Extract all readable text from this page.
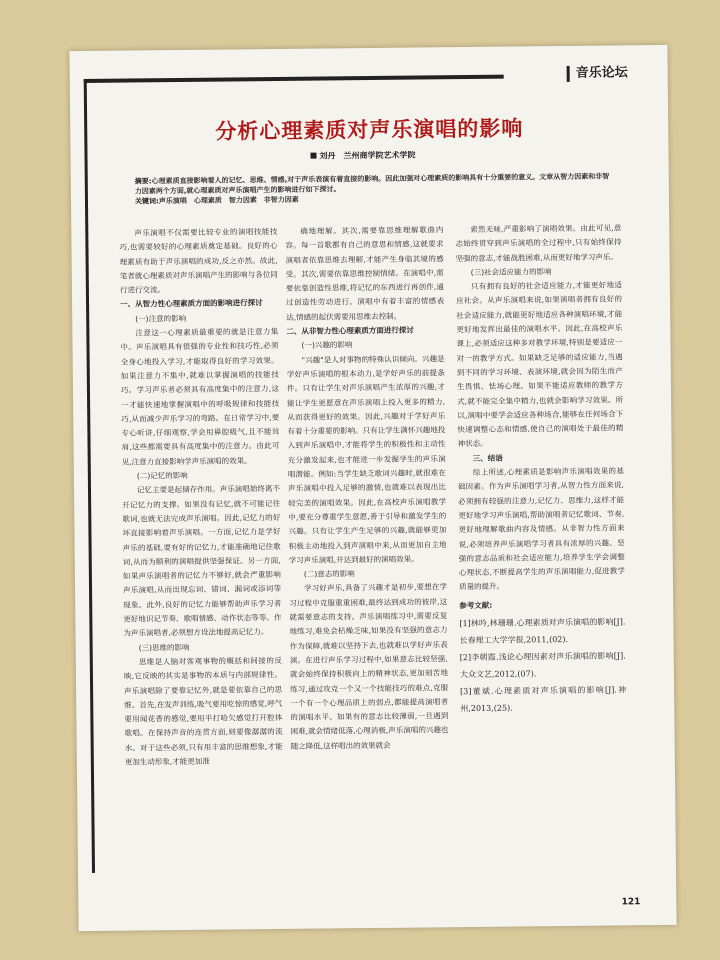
音乐论坛
分析心理素质对声乐演唱的影响
刘丹　兰州商学院艺术学院
摘要:心理素质直接影响着人的记忆、思维、情感,对于声乐表演有着直接的影响。因此加强对心理素质的影响具有十分重要的意义。文章从智力因素和非智力因素两个方面,就心理素质对声乐演唱产生的影响进行如下探讨。
关键词:声乐演唱　心理素质　智力因素　非智力因素

声乐演唱不仅需要比较专业的演唱技能技巧,也需要较好的心理素质奠定基础。良好的心理素质有助于声乐演唱的成功,反之亦然。故此,笔者就心理素质对声乐演唱产生的影响与各位同行进行交流。

一、从智力性心理素质方面的影响进行探讨

(一)注意的影响

注意这一心理素质最重要的就是注意力集中。声乐演唱具有很强的专业性和技巧性,必须全身心地投入学习,才能取得良好的学习效果。如果注意力不集中,就难以掌握演唱的技能技巧。学习声乐者必须具有高度集中的注意力,这一才能快速地掌握演唱中的呼吸规律和技能技巧,从而减少声乐学习的弯路。在日常学习中,要专心听讲,仔细观察,学会用鼻腔吸气,且不能耸肩,这些都需要具有高度集中的注意力。由此可见,注意力直接影响学声乐演唱的效果。

(二)记忆的影响

记忆主要是起储存作用。声乐演唱始终离不开记忆力的支撑。如果没有记忆,就不可能记住歌词,也就无法完成声乐演唱。因此,记忆力的好坏直接影响着声乐演唱。一方面,记忆力是学好声乐的基础,要有好的记忆力,才能准确地记住歌词,从而为顺利的演唱提供坚强保证。另一方面,如果声乐演唱者的记忆力不够好,就会严重影响声乐演唱,从而出现忘词、错词、漏词或添词等现象。此外,良好的记忆力能够帮助声乐学习者更好地识记节奏、歌唱情感、动作状态等等。作为声乐演唱者,必须想方设法地提高记忆力。

(三)思维的影响

思维是人脑对客观事物的概括和间接的反映,它反映的其实是事物的本质与内部规律性。声乐演唱除了要靠记忆外,就是要依靠自己的思维。首先,在发声训练,吸气要用吃惊的感觉,呼气要用闻花香的感觉,要用半打哈欠感觉打开腔体歌唱。在保持声音的连贯方面,则要像潺潺的流水。对于这些必须,只有用丰富的思维想象,才能更加生动形象,才能更加准

确地理解。其次,需要靠思维理解歌曲内容。每一首歌都有自己的意思和情感,这就要求演唱者依靠思维去理解,才能产生身临其境的感受。其次,需要依靠思维控制情绪。在演唱中,需要依靠创造性思维,将记忆的东西进行再创作,通过创造性劳动进行。演唱中有着丰富的情感表达,情感的起伏需要用思维去控制。

二、从非智力性心理素质方面进行探讨

(一)兴趣的影响

"兴趣"是人对事物的特殊认识倾向。兴趣是学好声乐演唱的根本动力,是学好声乐的前提条件。只有让学生对声乐演唱产生浓厚的兴趣,才能让学生更愿意在声乐演唱上投入更多的精力,从而获得更好的效果。因此,兴趣对于学好声乐有着十分重要的影响。只有让学生满怀兴趣地投入到声乐演唱中,才能将学生的积极性和主动性充分激发起来,也才能进一步发掘学生的声乐演唱潜能。例如:当学生缺乏歌词兴趣时,就很难在声乐演唱中投入足够的激情,也就难以表现出比较完美的演唱效果。因此,在高校声乐演唱教学中,要充分尊重学生意愿,善于引导和激发学生的兴趣。只有让学生产生足够的兴趣,就能够更加积极主动地投入到声演唱中来,从而更加自主地学习声乐演唱,并达到最好的演唱效果。

(二)意志的影响

学习好声乐,具备了兴趣才是初步,要想在学习过程中克服重重困难,最终达到成功的彼岸,这就需要意志的支持。声乐演唱练习中,需要反复地练习,难免会枯燥乏味,如果没有坚强的意志力作为保障,就难以坚持下去,也就难以学好声乐表演。在进行声乐学习过程中,如果意志比较坚强,就会始终保持积极向上的精神状态,更加刻苦地练习,通过攻克一个又一个技能技巧的难点,克服一个有一个心理品质上的弱点,都能提高演唱者的演唱水平。如果有的意志比较薄弱,一旦遇到困难,就会情绪低落,心理消极,声乐演唱的兴趣也随之降低,这样唱出的效果就会

索然无味,严重影响了演唱效果。由此可见,意志始终贯穿到声乐演唱的全过程中,只有始终保持坚强的意志,才能战胜困难,从而更好地学习声乐。

(三)社会适应能力的影响

只有拥有良好的社会适应能力,才能更好地适应社会。从声乐演唱来说,如果演唱者拥有良好的社会适应能力,就能更好地适应各种演唱环境,才能更好地发挥出最佳的演唱水平。因此,在高校声乐课上,必须适应这种多对教学环境,特别是要适应一对一的教学方式。如果缺乏足够的适应能力,当遇到不同的学习环境、表演环境,就会因为陌生而产生畏惧、怯场心理。如果不能适应教师的教学方式,就不能完全集中精力,也就会影响学习效果。所以,演唱中要学会适应各种场合,能够在任何场合下快速调整心态和情感,使自己的演唱处于最佳的精神状态。

三、结语

综上所述,心理素质是影响声乐演唱效果的基础因素。作为声乐演唱学习者,从智力性方面来说,必须拥有较强的注意力,记忆力、思维力,这样才能更好地学习声乐演唱,帮助演唱者记忆歌词、节奏,更好地理解歌曲内容及情感。从非智力性方面来说,必须培养声乐演唱学习者具有浓厚的兴趣、坚强的意志品质和社会适应能力,培养学生学会调整心理状态,不断提高学生的声乐演唱能力,促进教学质量的提升。

参考文献:

[1]林吟,林珊珊.心理素质对声乐演唱的影响[J].长春理工大学学报,2011,(02).

[2]李朝霞.浅论心理因素对声乐演唱的影响[J].大众文艺,2012,(07).

[3]董斌.心理素质对声乐演唱的影响[J].神州,2013,(25).

121
